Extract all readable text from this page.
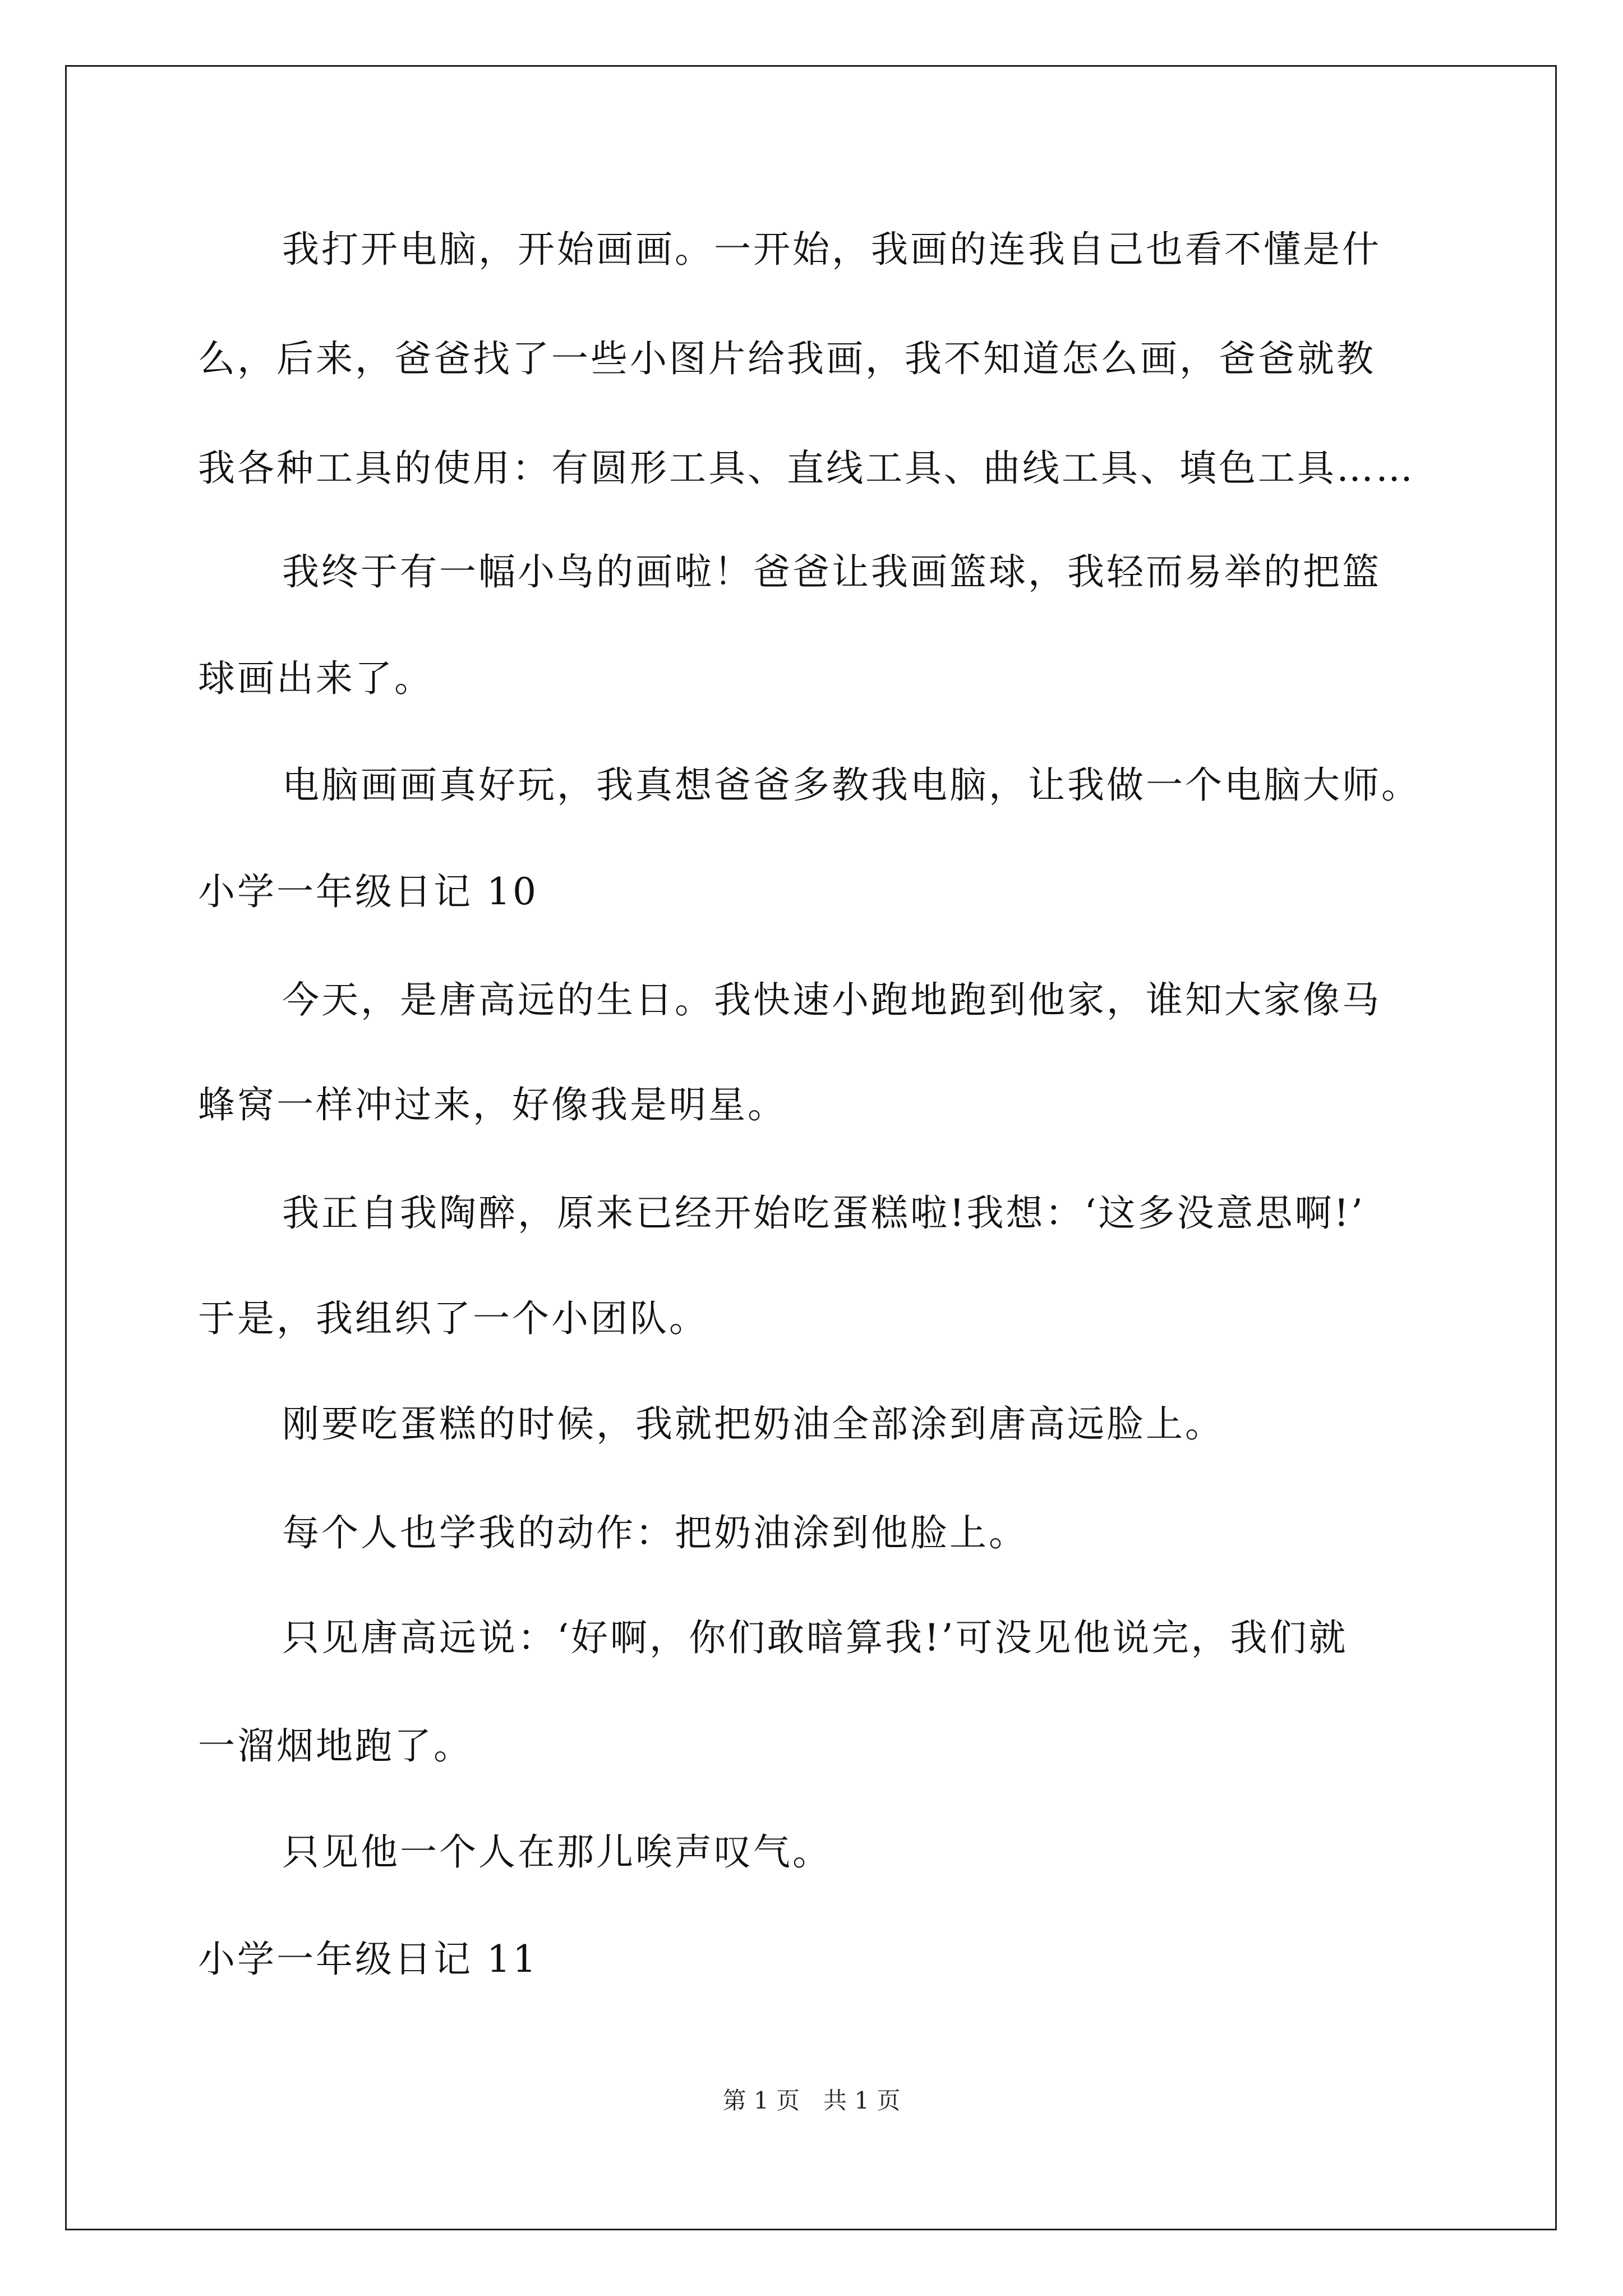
我打开电脑，开始画画。一开始，我画的连我自己也看不懂是什

么，后来，爸爸找了一些小图片给我画，我不知道怎么画，爸爸就教

我各种工具的使用：有圆形工具、直线工具、曲线工具、填色工具……

我终于有一幅小鸟的画啦！爸爸让我画篮球，我轻而易举的把篮

球画出来了。

电脑画画真好玩，我真想爸爸多教我电脑，让我做一个电脑大师。

小学一年级日记 10

今天，是唐高远的生日。我快速小跑地跑到他家，谁知大家像马

蜂窝一样冲过来，好像我是明星。

我正自我陶醉，原来已经开始吃蛋糕啦!我想：‘这多没意思啊!’

于是，我组织了一个小团队。

刚要吃蛋糕的时候，我就把奶油全部涂到唐高远脸上。

每个人也学我的动作：把奶油涂到他脸上。

只见唐高远说：‘好啊，你们敢暗算我!’可没见他说完，我们就

一溜烟地跑了。

只见他一个人在那儿唉声叹气。

小学一年级日记 11

第 1 页　共 1 页
